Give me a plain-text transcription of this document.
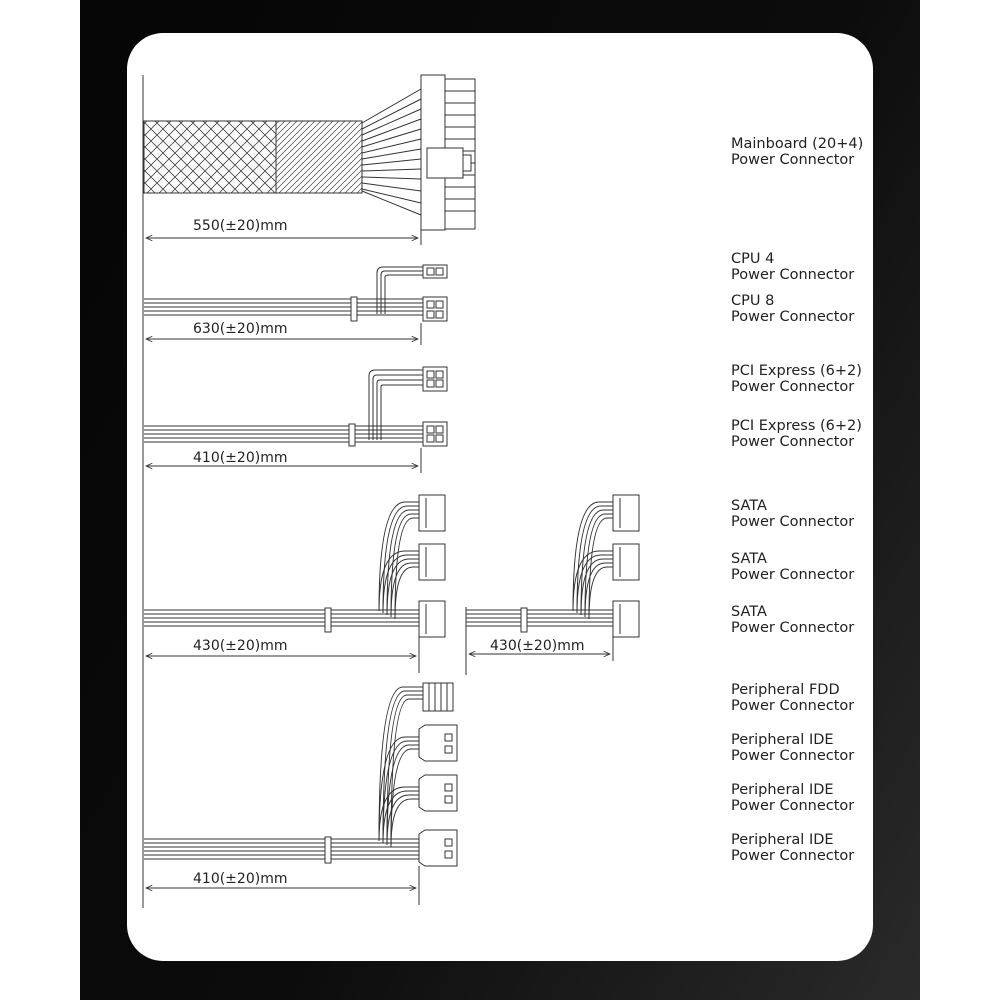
550(±20)mm
630(±20)mm
410(±20)mm
430(±20)mm	430(±20)mm
410(±20)mm

Mainboard (20+4)
Power Connector

CPU 4
Power Connector

CPU 8
Power Connector

PCI Express (6+2)
Power Connector

PCI Express (6+2)
Power Connector

SATA
Power Connector

SATA
Power Connector

SATA
Power Connector

Peripheral FDD
Power Connector

Peripheral IDE
Power Connector

Peripheral IDE
Power Connector

Peripheral IDE
Power Connector
